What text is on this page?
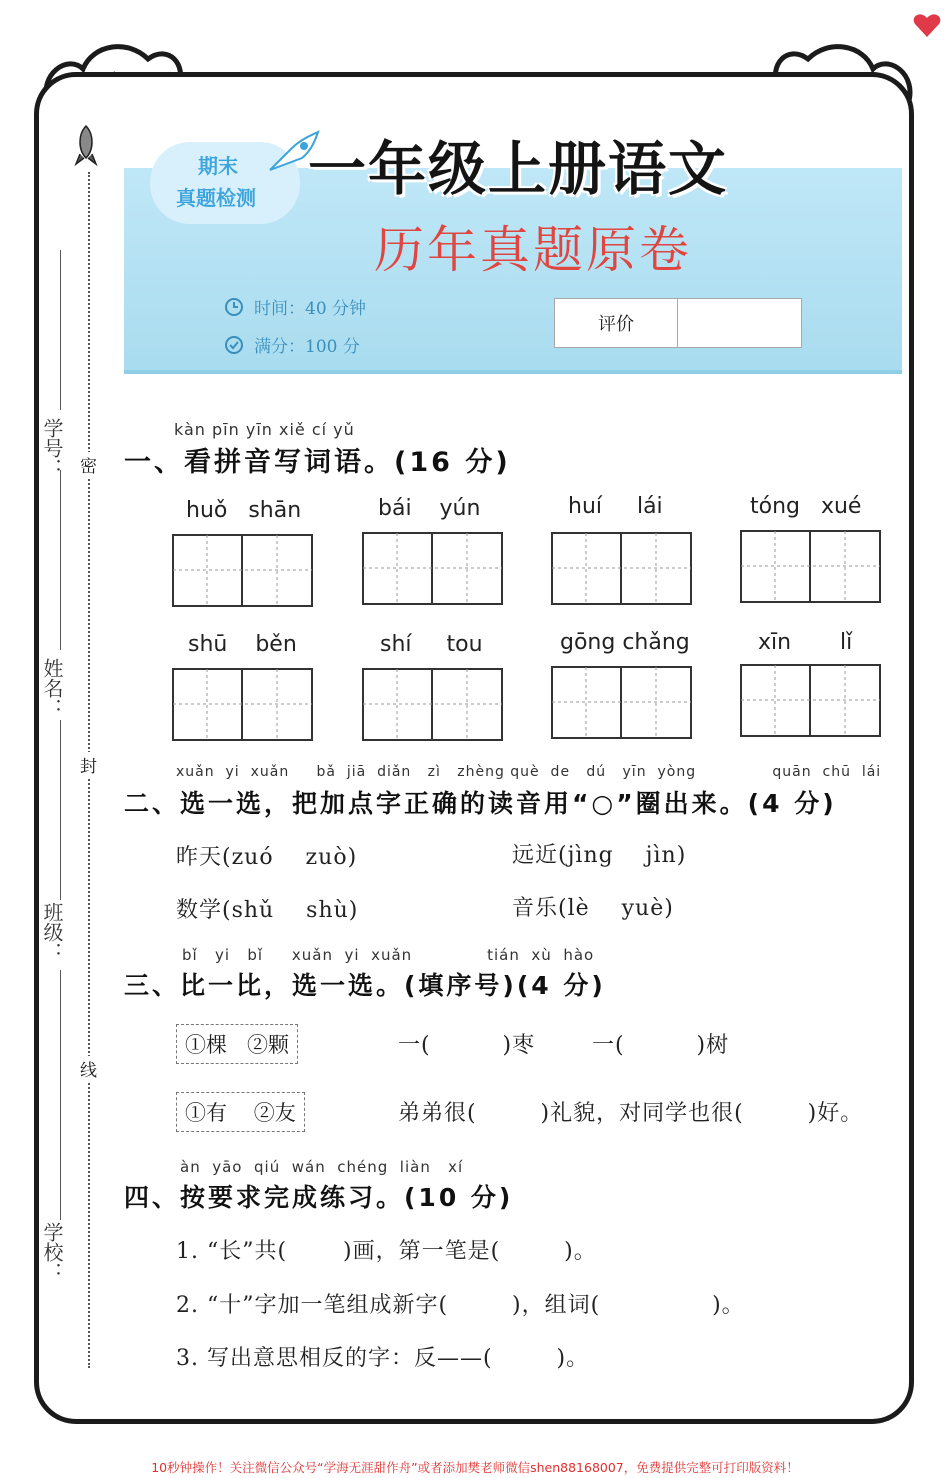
期末
真题检测 一年级上册语文
历年真题原卷
时间：40 分钟
满分：100 分
评价
学号：
姓名：
班级：
学校：
密
封
线
kàn pīn yīn xiě cí yǔ
一、看拼音写词语。(16 分)
huǒ   shān	bái    yún	huí     lái	tóng   xué
shū    běn	shí     tou	gōng chǎng	xīn       lǐ
xuǎn  yi  xuǎn     bǎ  jiā  diǎn   zì   zhèng què  de   dú   yīn  yòng              quān  chū  lái
二、选一选，把加点字正确的读音用“○”圈出来。(4 分)
昨天(zuó    zuò)	远近(jìng    jìn)
数学(shǔ    shù)	音乐(lè    yuè)
bǐ   yi   bǐ     xuǎn  yi  xuǎn             tián  xù  hào
三、比一比，选一选。(填序号)(4 分)
①棵   ②颗	一(         )枣	一(         )树
①有    ②友	弟弟很(        )礼貌，对同学也很(        )好。
àn  yāo  qiú  wán  chéng  liàn   xí
四、按要求完成练习。(10 分)
1. “长”共(       )画，第一笔是(        )。
2. “十”字加一笔组成新字(        )，组词(              )。
3. 写出意思相反的字：反——(        )。
10秒钟操作！关注微信公众号“学海无涯甜作舟”或者添加樊老师微信shen88168007，免费提供完整可打印版资料！
